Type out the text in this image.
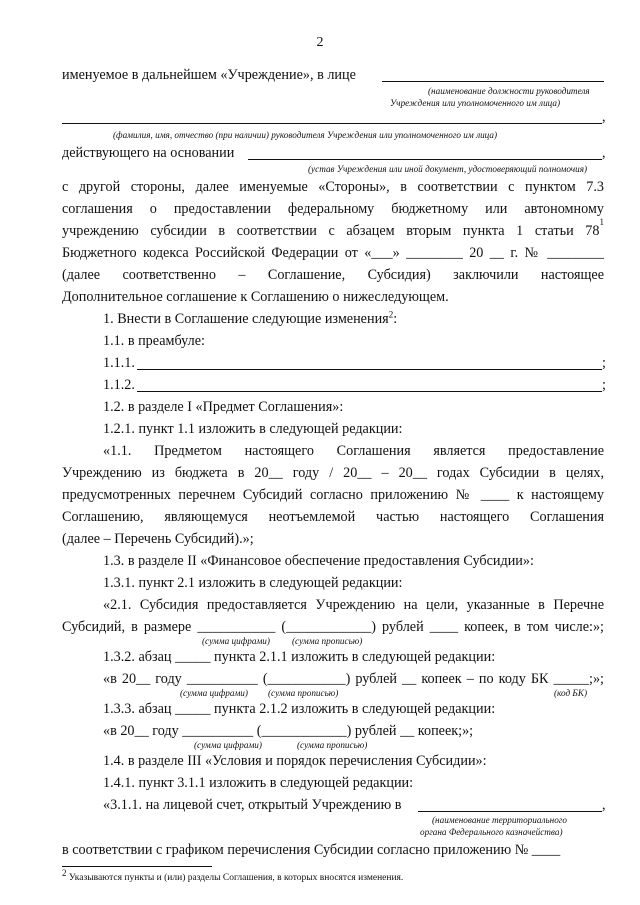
2
именуемое в дальнейшем «Учреждение», в лице
(наименование должности руководителя
Учреждения или уполномоченного им лица)
,
(фамилия, имя, отчество (при наличии) руководителя Учреждения или уполномоченного им лица)
действующего на основании	,
(устав Учреждения или иной документ, удостоверяющий полномочия)
с другой стороны, далее именуемые «Стороны», в соответствии с пунктом 7.3
соглашения о предоставлении федеральному бюджетному или автономному
учреждению субсидии в соответствии с абзацем вторым пункта 1 статьи 78
1
Бюджетного кодекса Российской Федерации от «___» ________ 20 __ г. № ________
(далее соответственно – Соглашение, Субсидия) заключили настоящее
Дополнительное соглашение к Соглашению о нижеследующем.
1. Внести в Соглашение следующие изменения$^2$:
1.1. в преамбуле:
1.1.1.	;
1.1.2.	;
1.2. в разделе I «Предмет Соглашения»:
1.2.1. пункт 1.1 изложить в следующей редакции:
«1.1. Предметом настоящего Соглашения является предоставление
Учреждению из бюджета в 20__ году / 20__ – 20__ годах Субсидии в целях,
предусмотренных перечнем Субсидий согласно приложению № ____ к настоящему
Соглашению, являющемуся неотъемлемой частью настоящего Соглашения
(далее – Перечень Субсидий).»;
1.3. в разделе II «Финансовое обеспечение предоставления Субсидии»:
1.3.1. пункт 2.1 изложить в следующей редакции:
«2.1. Субсидия предоставляется Учреждению на цели, указанные в Перечне
Субсидий, в размере ___________ (____________) рублей ____ копеек, в том числе:»;
(сумма цифрами) (сумма прописью)
1.3.2. абзац _____ пункта 2.1.1 изложить в следующей редакции:
«в 20__ году __________ (___________) рублей __ копеек – по коду БК _____;»;
(сумма цифрами) (сумма прописью)	(код БК)
1.3.3. абзац _____ пункта 2.1.2 изложить в следующей редакции:
«в 20__ году __________ (____________) рублей __ копеек;»;
(сумма цифрами)	(сумма прописью)
1.4. в разделе III «Условия и порядок перечисления Субсидии»:
1.4.1. пункт 3.1.1 изложить в следующей редакции:
«3.1.1. на лицевой счет, открытый Учреждению в	,
(наименование территориального
органа Федерального казначейства)
в соответствии с графиком перечисления Субсидии согласно приложению № ____
$^2$ Указываются пункты и (или) разделы Соглашения, в которых вносятся изменения.
